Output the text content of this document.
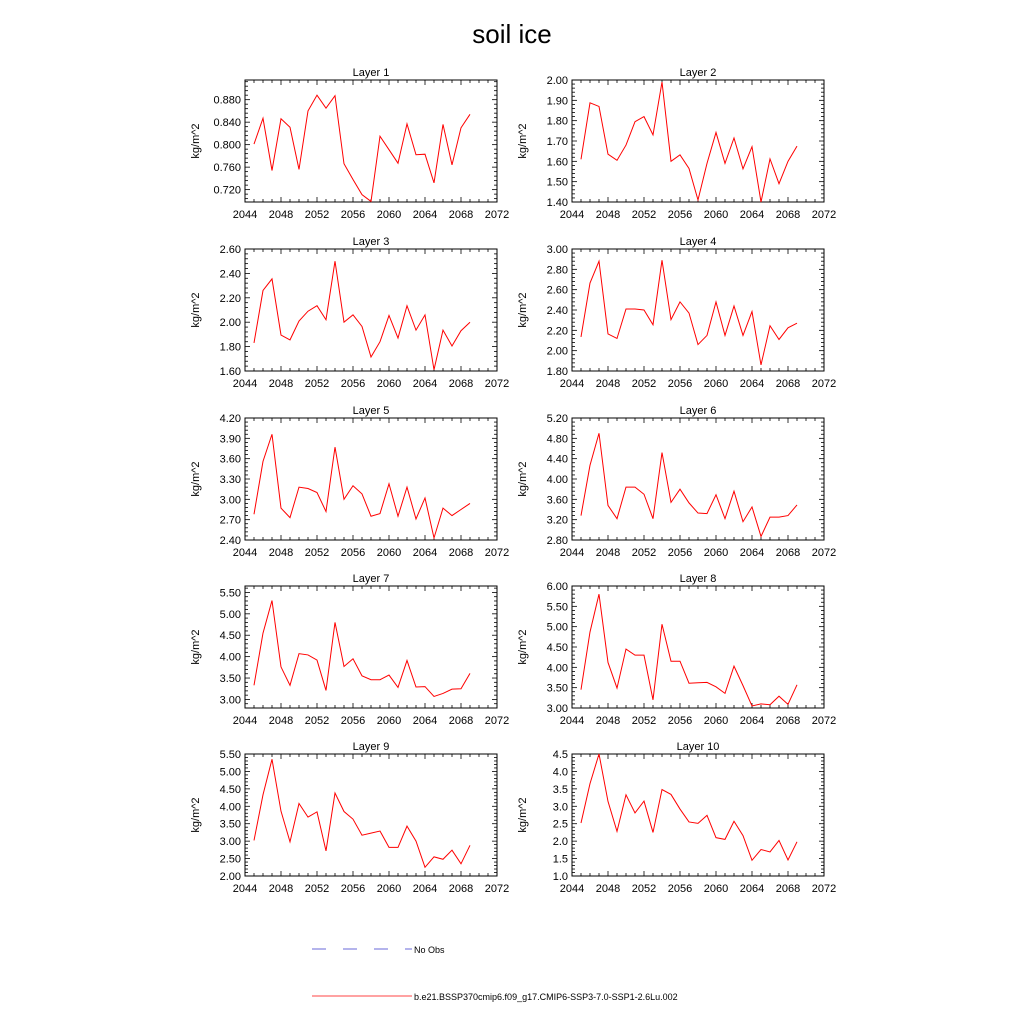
soil ice
Layer 1
kg/m^2
2044 2048 2052 2056 2060 2064 2068 2072
0.720
0.760
0.800
0.840
0.880
Layer 2
kg/m^2
2044 2048 2052 2056 2060 2064 2068 2072
1.40
1.50
1.60
1.70
1.80
1.90
2.00
Layer 3
kg/m^2
2044 2048 2052 2056 2060 2064 2068 2072
1.60
1.80
2.00
2.20
2.40
2.60
Layer 4
kg/m^2
2044 2048 2052 2056 2060 2064 2068 2072
1.80
2.00
2.20
2.40
2.60
2.80
3.00
Layer 5
kg/m^2
2044 2048 2052 2056 2060 2064 2068 2072
2.40
2.70
3.00
3.30
3.60
3.90
4.20
Layer 6
kg/m^2
2044 2048 2052 2056 2060 2064 2068 2072
2.80
3.20
3.60
4.00
4.40
4.80
5.20
Layer 7
kg/m^2
2044 2048 2052 2056 2060 2064 2068 2072
3.00
3.50
4.00
4.50
5.00
5.50
Layer 8
kg/m^2
2044 2048 2052 2056 2060 2064 2068 2072
3.00
3.50
4.00
4.50
5.00
5.50
6.00
Layer 9
kg/m^2
2044 2048 2052 2056 2060 2064 2068 2072
2.00
2.50
3.00
3.50
4.00
4.50
5.00
5.50
Layer 10
kg/m^2
2044 2048 2052 2056 2060 2064 2068 2072
1.0
1.5
2.0
2.5
3.0
3.5
4.0
4.5
No Obs
b.e21.BSSP370cmip6.f09_g17.CMIP6-SSP3-7.0-SSP1-2.6Lu.002
